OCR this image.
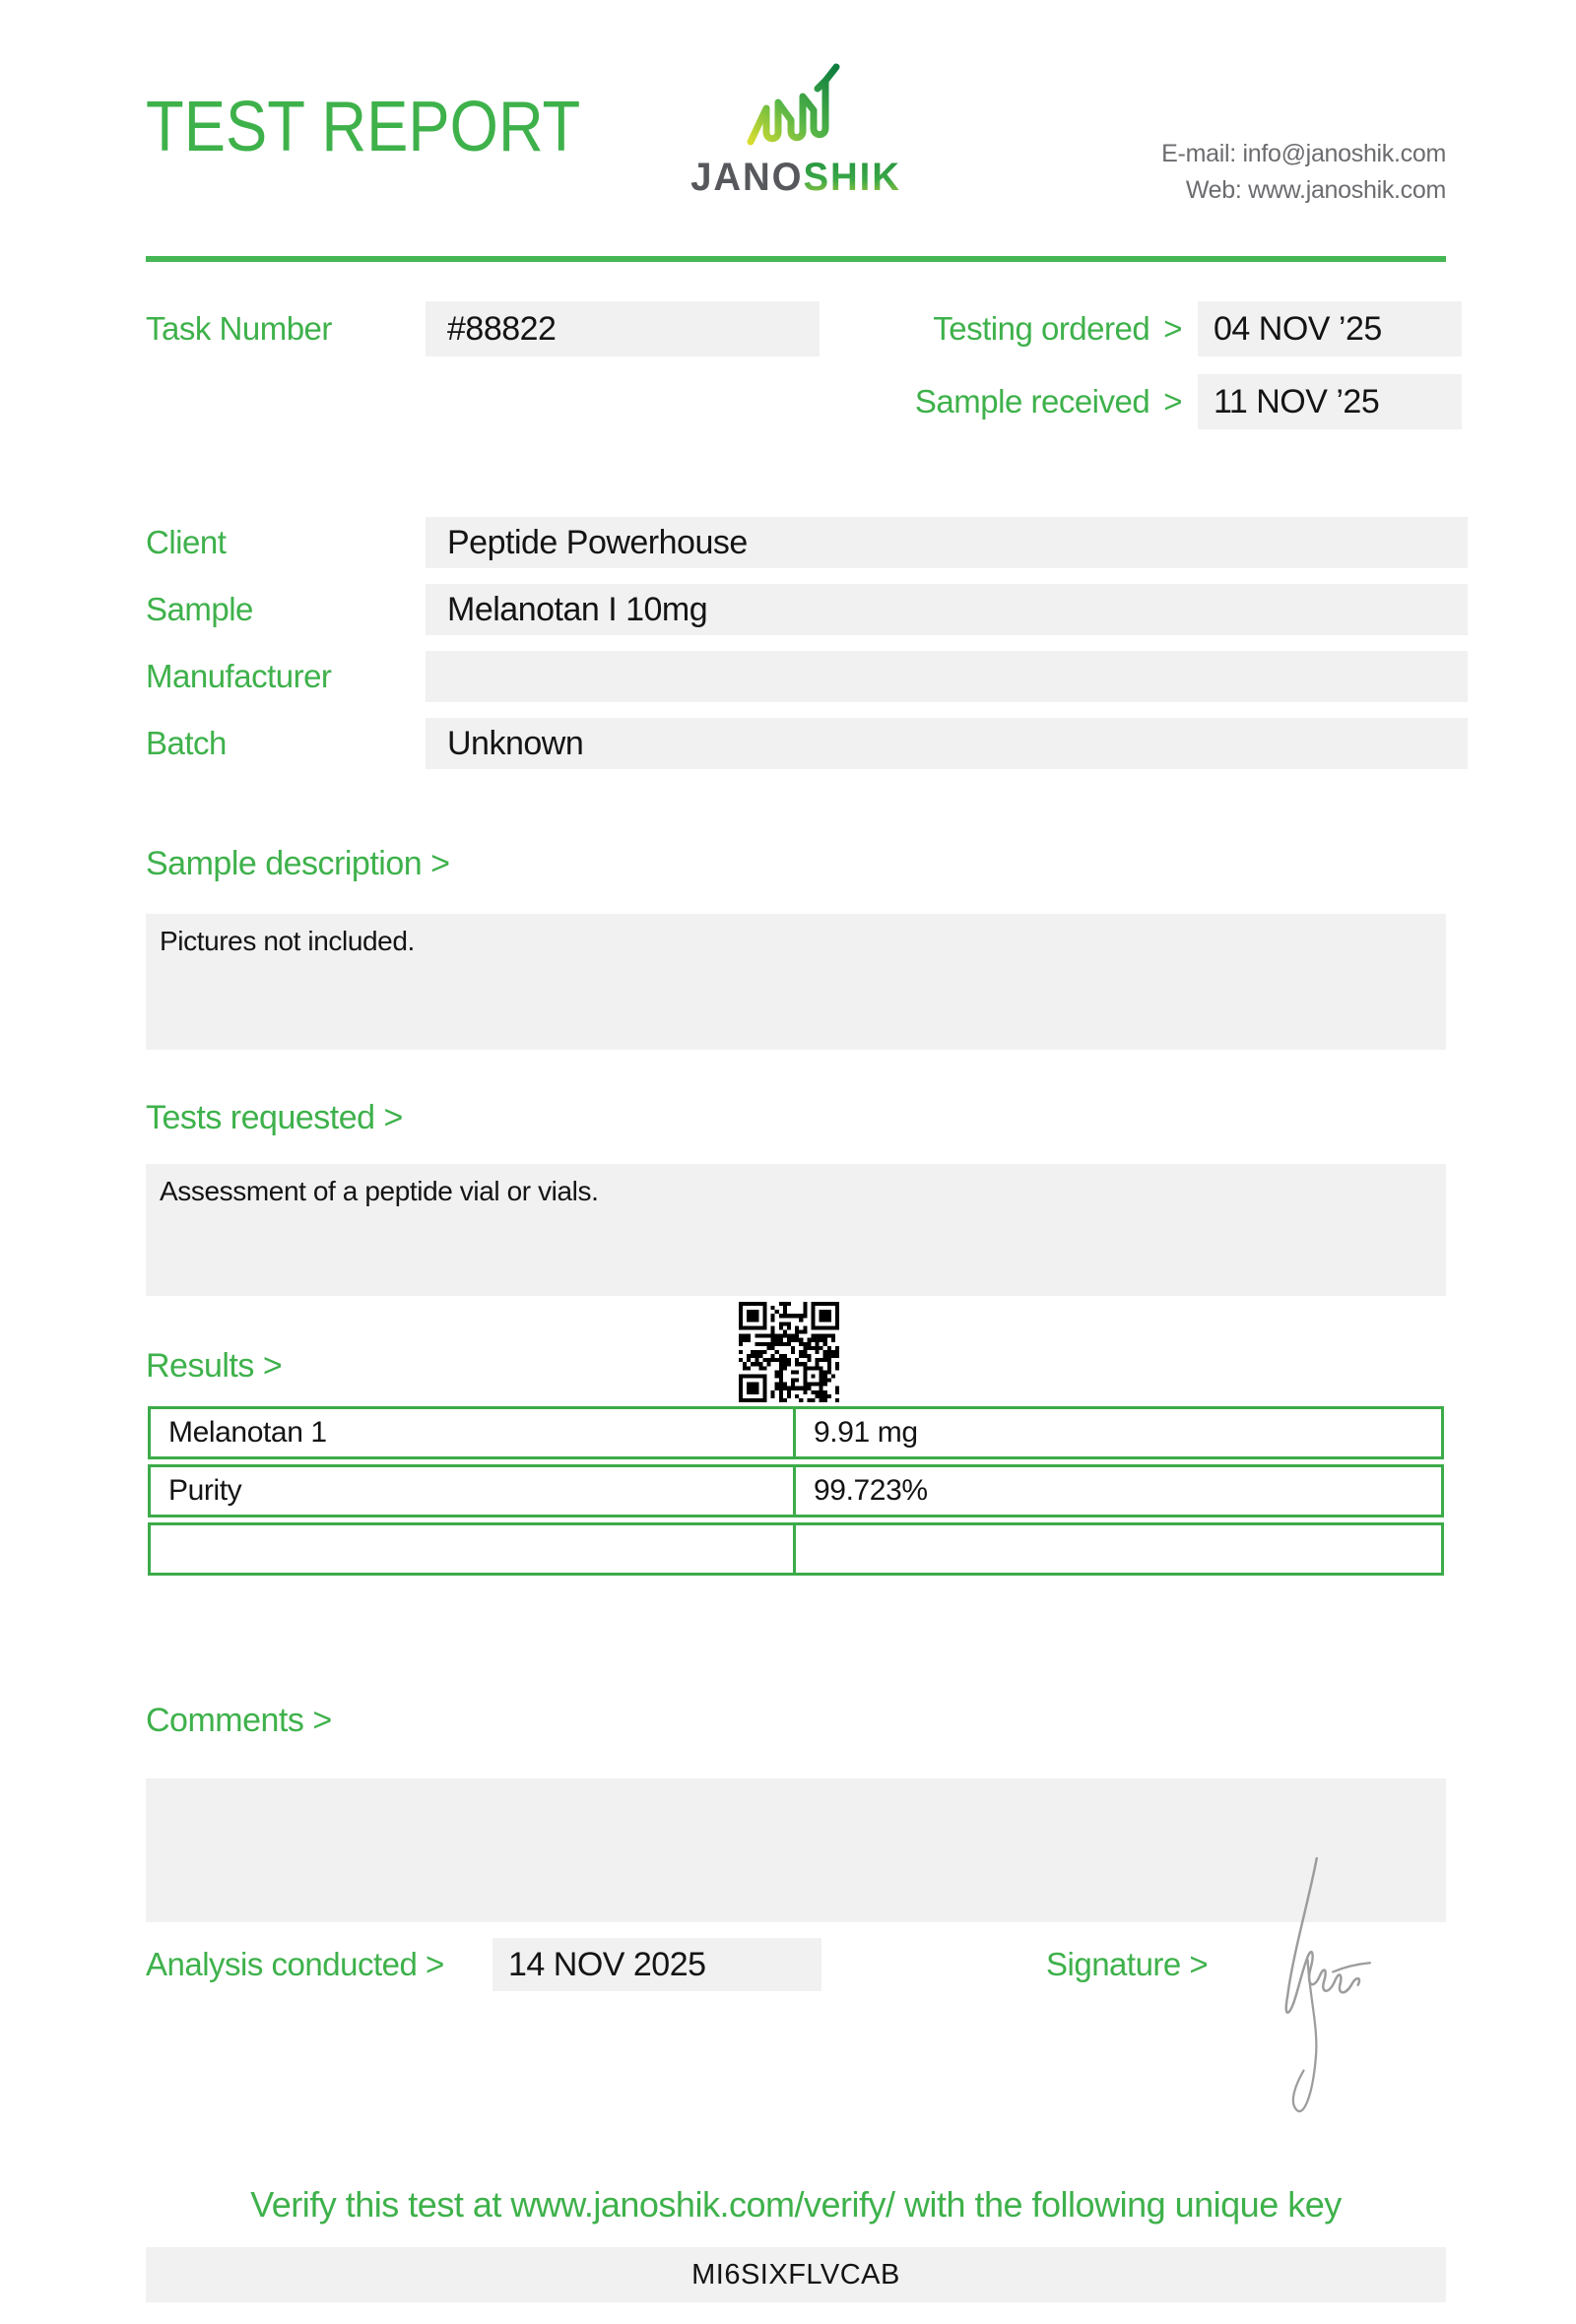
TEST REPORT
JANOSHIK
E-mail: info@janoshik.com
Web: www.janoshik.com
Task Number	#88822	Testing ordered > 04 NOV ’25
Sample received > 11 NOV ’25
Client	Peptide Powerhouse
Sample	Melanotan I 10mg
Manufacturer
Batch	Unknown
Sample description >
Pictures not included.
Tests requested >
Assessment of a peptide vial or vials.
Results >
Melanotan 1	9.91 mg
Purity	99.723%
Comments >
Analysis conducted >	14 NOV 2025	Signature >
Verify this test at www.janoshik.com/verify/ with the following unique key
MI6SIXFLVCAB
